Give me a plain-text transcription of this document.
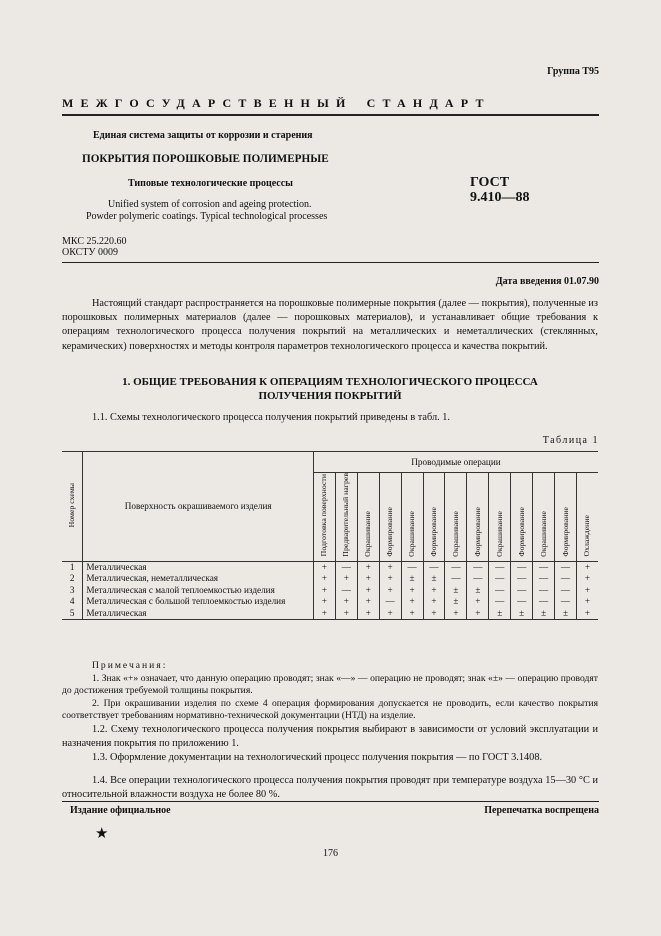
Группа Т95
МЕЖГОСУДАРСТВЕННЫЙ СТАНДАРТ
Единая система защиты от коррозии и старения
ПОКРЫТИЯ ПОРОШКОВЫЕ ПОЛИМЕРНЫЕ
Типовые технологические процессы
Unified system of corrosion and ageing protection.
Powder polymeric coatings. Typical technological processes
ГОСТ
9.410—88
МКС 25.220.60
ОКСТУ 0009
Дата введения 01.07.90
Настоящий стандарт распространяется на порошковые полимерные покрытия (далее — покрытия), полученные из порошковых полимерных материалов (далее — порошковых материалов), и устанавливает общие требования к операциям технологического процесса получения покрытий на металлических и неметаллических (стеклянных, керамических) поверхностях и методы контроля параметров технологического процесса и качества покрытий.
1. ОБЩИЕ ТРЕБОВАНИЯ К ОПЕРАЦИЯМ ТЕХНОЛОГИЧЕСКОГО ПРОЦЕССА
ПОЛУЧЕНИЯ ПОКРЫТИЙ
1.1. Схемы технологического процесса получения покрытий приведены в табл. 1.
Таблица 1
Номер схемы	Поверхность окрашиваемого изделия	Проводимые операции												
		Подготовка поверхности	Предварительный нагрев	Окрашивание	Формирование	Окрашивание	Формирование	Окрашивание	Формирование	Окрашивание	Формирование	Окрашивание	Формирование	Охлаждение
1	Металлическая	+	—	+	+	—	—	—	—	—	—	—	—	+
2	Металлическая, неметаллическая	+	+	+	+	±	±	—	—	—	—	—	—	+
3	Металлическая с малой теплоемкостью изделия	+	—	+	+	+	+	±	±	—	—	—	—	+
4	Металлическая с большой теплоемкостью изделия	+	+	+	—	+	+	±	+	—	—	—	—	+
5	Металлическая	+	+	+	+	+	+	+	+	±	±	±	±	+

Примечания:
1. Знак «+» означает, что данную операцию проводят; знак «—» — операцию не проводят; знак «±» — операцию проводят до достижения требуемой толщины покрытия.
2. При окрашивании изделия по схеме 4 операция формирования допускается не проводить, если качество покрытия соответствует требованиям нормативно-технической документации (НТД) на изделие.
1.2. Схему технологического процесса получения покрытия выбирают в зависимости от условий эксплуатации и назначения покрытия по приложению 1.
1.3. Оформление документации на технологический процесс получения покрытия — по ГОСТ 3.1408.
1.4. Все операции технологического процесса получения покрытия проводят при температуре воздуха 15—30 °С и относительной влажности воздуха не более 80 %.
Издание официальное	Перепечатка воспрещена
★
176
